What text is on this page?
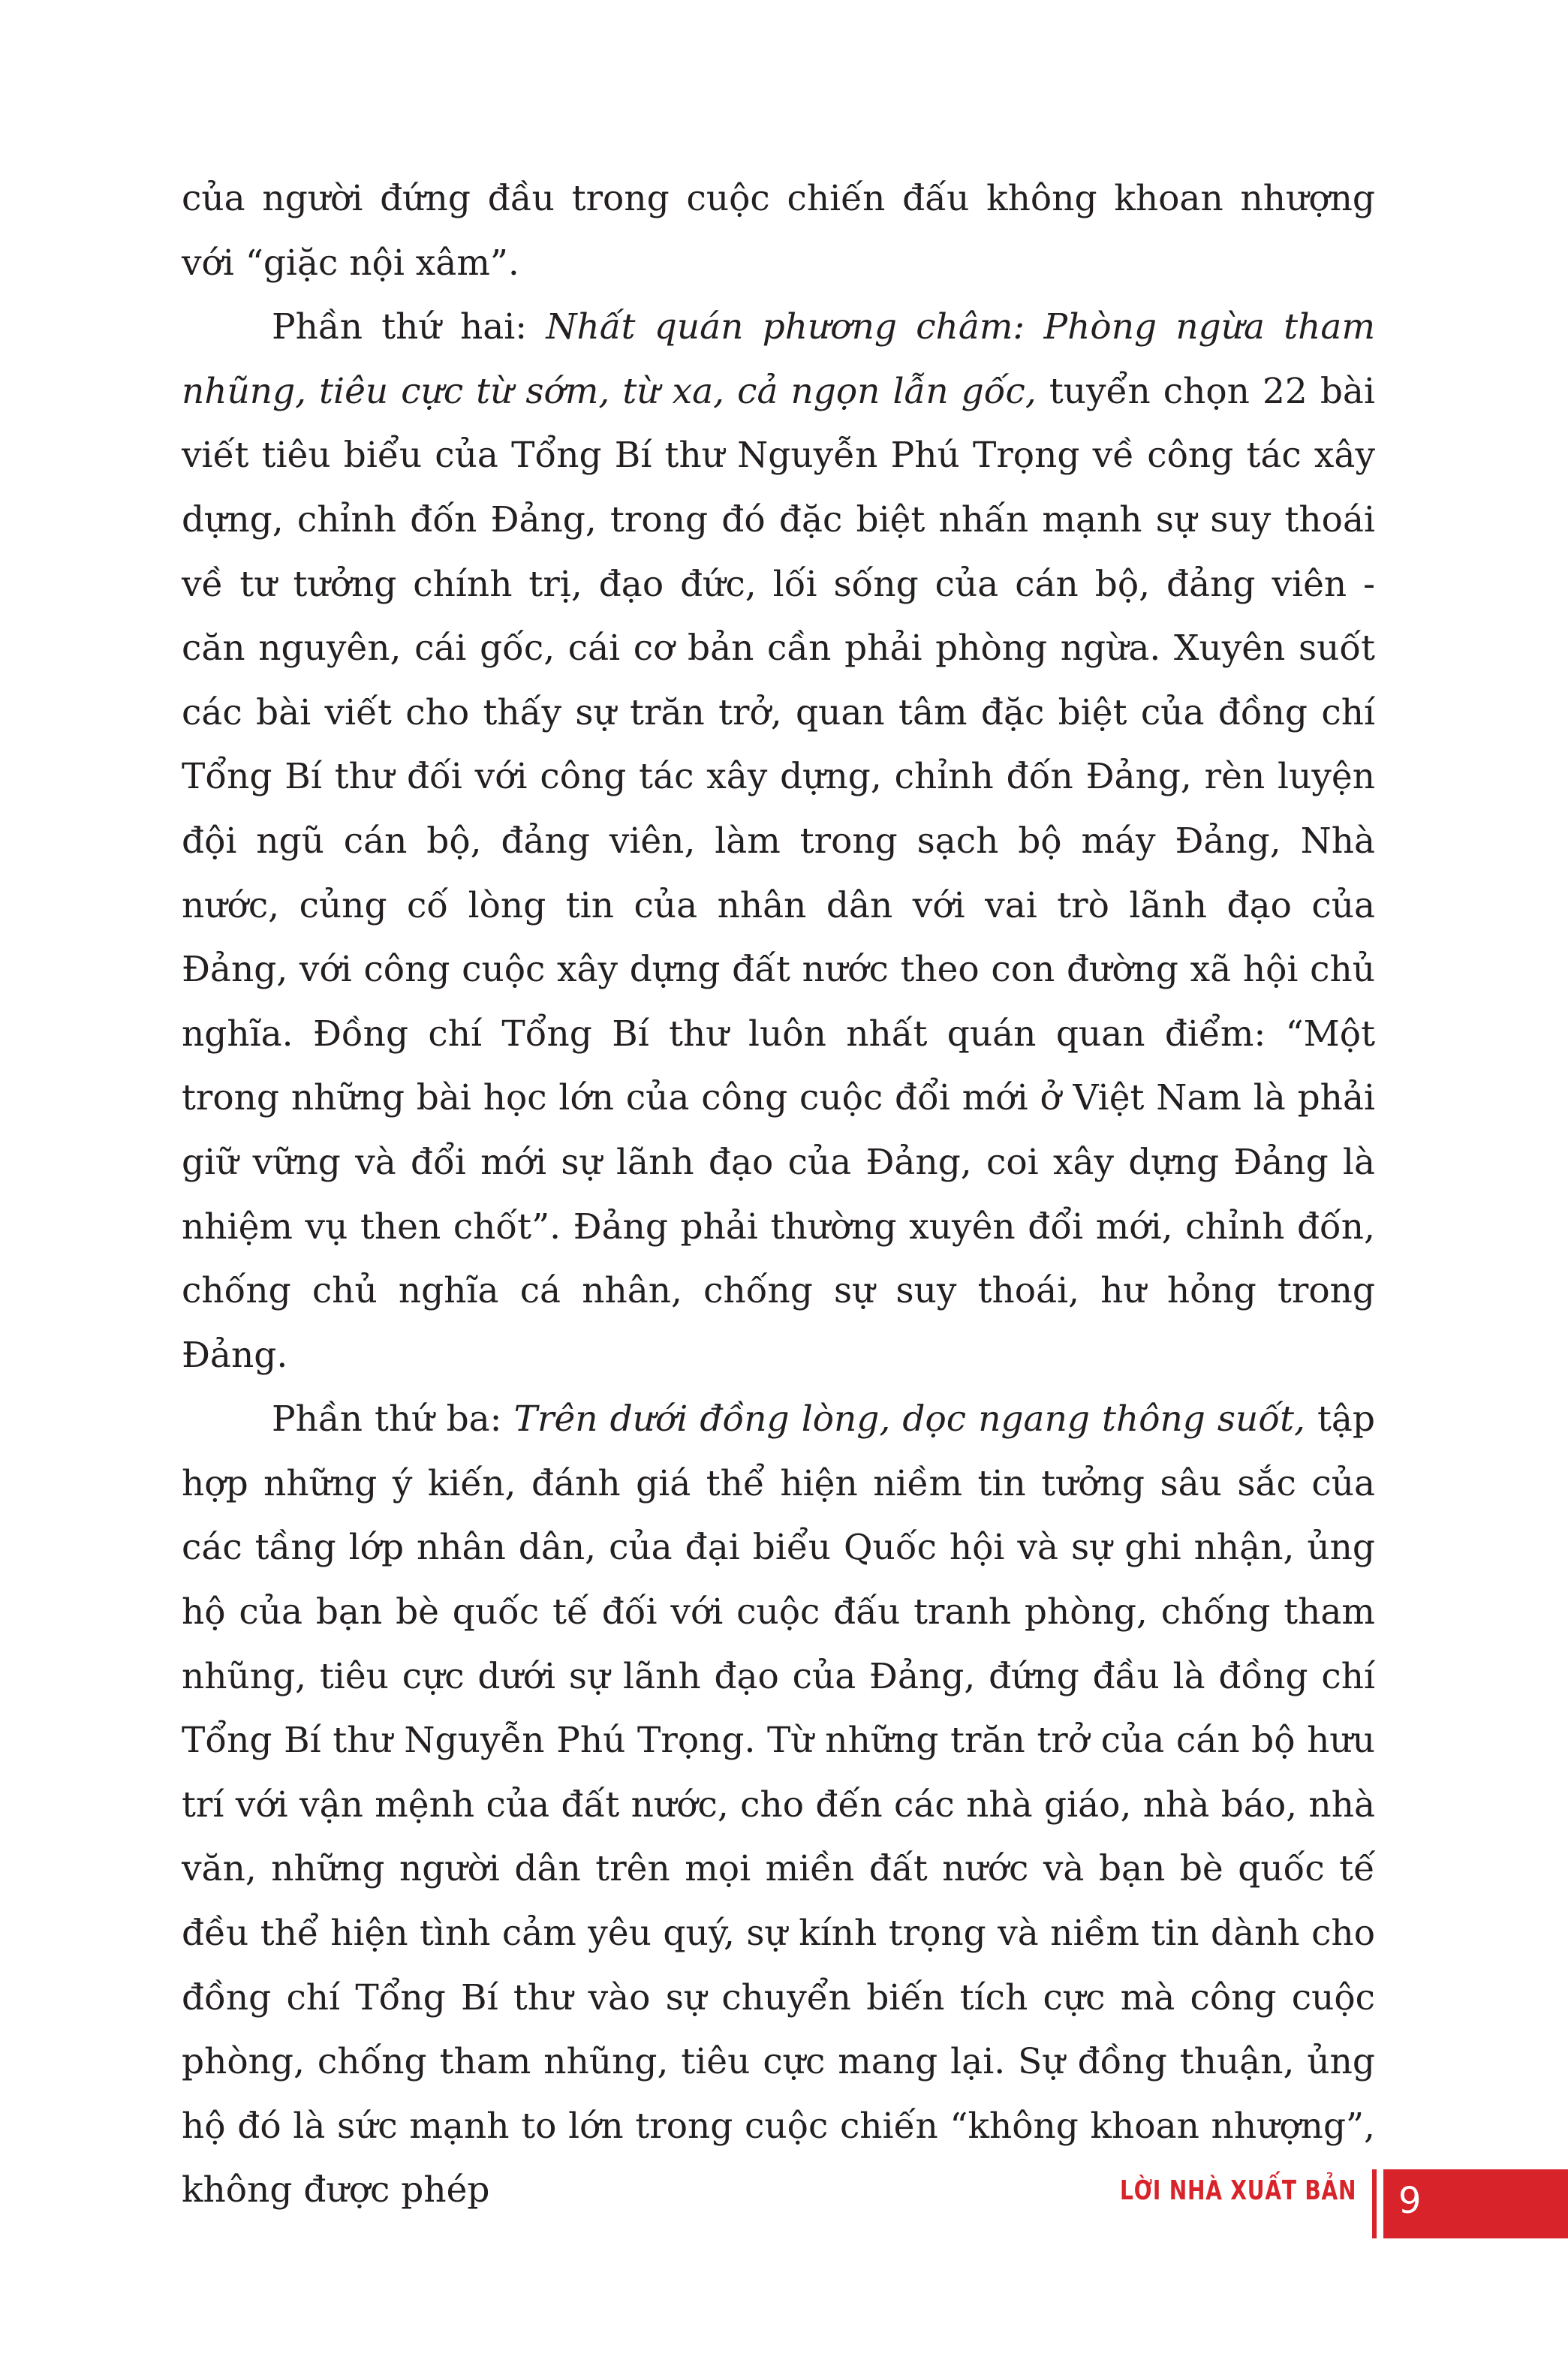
của người đứng đầu trong cuộc chiến đấu không khoan nhượng với “giặc nội xâm”.

Phần thứ hai: Nhất quán phương châm: Phòng ngừa tham nhũng, tiêu cực từ sớm, từ xa, cả ngọn lẫn gốc, tuyển chọn 22 bài viết tiêu biểu của Tổng Bí thư Nguyễn Phú Trọng về công tác xây dựng, chỉnh đốn Đảng, trong đó đặc biệt nhấn mạnh sự suy thoái về tư tưởng chính trị, đạo đức, lối sống của cán bộ, đảng viên - căn nguyên, cái gốc, cái cơ bản cần phải phòng ngừa. Xuyên suốt các bài viết cho thấy sự trăn trở, quan tâm đặc biệt của đồng chí Tổng Bí thư đối với công tác xây dựng, chỉnh đốn Đảng, rèn luyện đội ngũ cán bộ, đảng viên, làm trong sạch bộ máy Đảng, Nhà nước, củng cố lòng tin của nhân dân với vai trò lãnh đạo của Đảng, với công cuộc xây dựng đất nước theo con đường xã hội chủ nghĩa. Đồng chí Tổng Bí thư luôn nhất quán quan điểm: “Một trong những bài học lớn của công cuộc đổi mới ở Việt Nam là phải giữ vững và đổi mới sự lãnh đạo của Đảng, coi xây dựng Đảng là nhiệm vụ then chốt”. Đảng phải thường xuyên đổi mới, chỉnh đốn, chống chủ nghĩa cá nhân, chống sự suy thoái, hư hỏng trong Đảng.

Phần thứ ba: Trên dưới đồng lòng, dọc ngang thông suốt, tập hợp những ý kiến, đánh giá thể hiện niềm tin tưởng sâu sắc của các tầng lớp nhân dân, của đại biểu Quốc hội và sự ghi nhận, ủng hộ của bạn bè quốc tế đối với cuộc đấu tranh phòng, chống tham nhũng, tiêu cực dưới sự lãnh đạo của Đảng, đứng đầu là đồng chí Tổng Bí thư Nguyễn Phú Trọng. Từ những trăn trở của cán bộ hưu trí với vận mệnh của đất nước, cho đến các nhà giáo, nhà báo, nhà văn, những người dân trên mọi miền đất nước và bạn bè quốc tế đều thể hiện tình cảm yêu quý, sự kính trọng và niềm tin dành cho đồng chí Tổng Bí thư vào sự chuyển biến tích cực mà công cuộc phòng, chống tham nhũng, tiêu cực mang lại. Sự đồng thuận, ủng hộ đó là sức mạnh to lớn trong cuộc chiến “không khoan nhượng”, không được phép	LỜI NHÀ XUẤT BẢN 9
